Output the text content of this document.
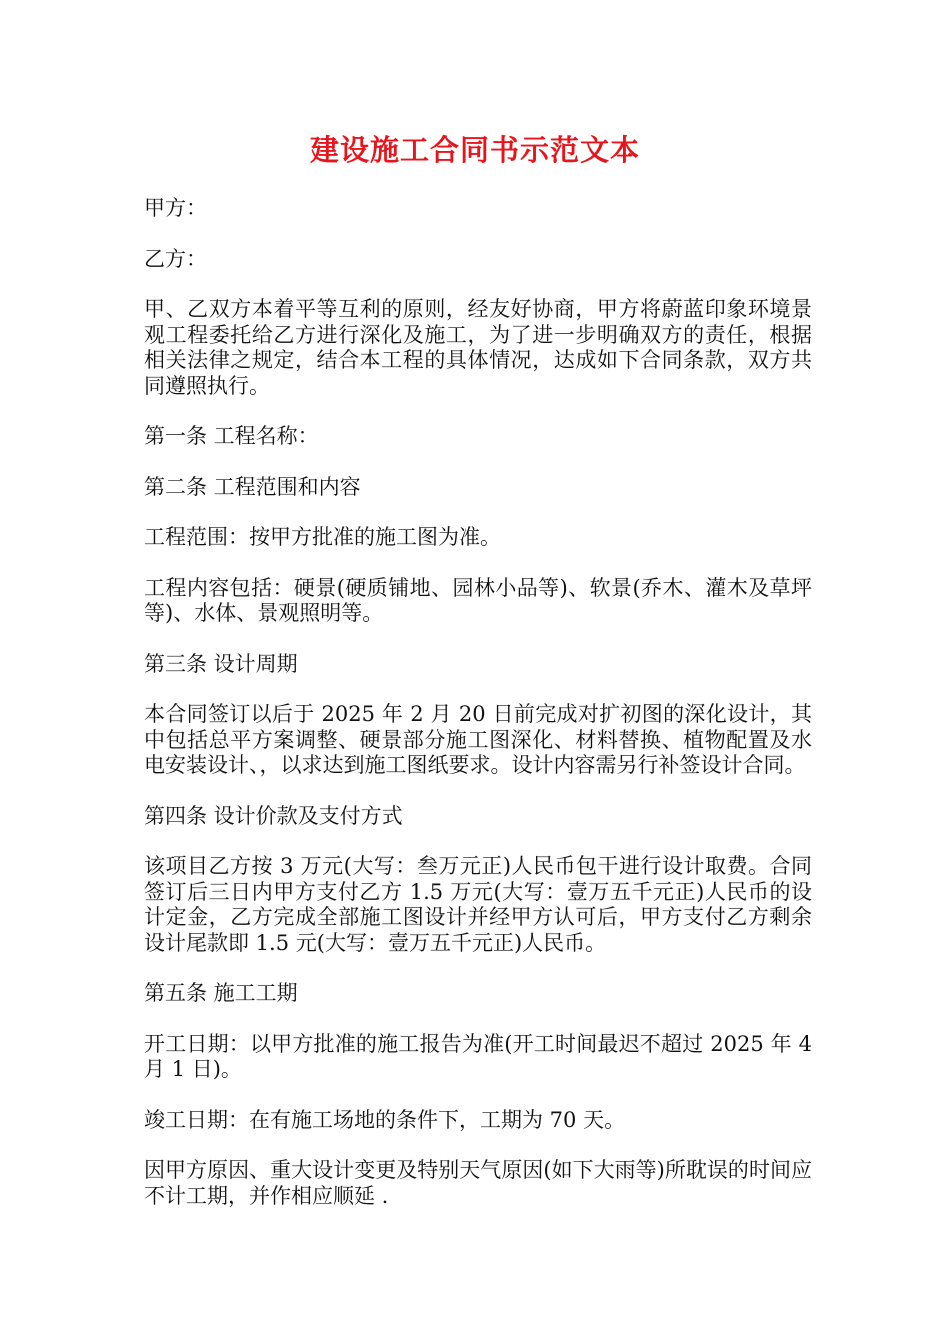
建设施工合同书示范文本

甲方：

乙方：

甲、乙双方本着平等互利的原则，经友好协商，甲方将蔚蓝印象环境景观工程委托给乙方进行深化及施工，为了进一步明确双方的责任，根据相关法律之规定，结合本工程的具体情况，达成如下合同条款，双方共同遵照执行。

第一条 工程名称：

第二条 工程范围和内容

工程范围：按甲方批准的施工图为准。

工程内容包括：硬景(硬质铺地、园林小品等)、软景(乔木、灌木及草坪等)、水体、景观照明等。

第三条 设计周期

本合同签订以后于 2025 年 2 月 20 日前完成对扩初图的深化设计，其中包括总平方案调整、硬景部分施工图深化、材料替换、植物配置及水电安装设计、，以求达到施工图纸要求。设计内容需另行补签设计合同。

第四条 设计价款及支付方式

该项目乙方按 3 万元(大写：叁万元正)人民币包干进行设计取费。合同签订后三日内甲方支付乙方 1.5 万元(大写：壹万五千元正)人民币的设计定金，乙方完成全部施工图设计并经甲方认可后，甲方支付乙方剩余设计尾款即 1.5 元(大写：壹万五千元正)人民币。

第五条 施工工期

开工日期：以甲方批准的施工报告为准(开工时间最迟不超过 2025 年 4 月 1 日)。

竣工日期：在有施工场地的条件下，工期为 70 天。

因甲方原因、重大设计变更及特别天气原因(如下大雨等)所耽误的时间应不计工期，并作相应顺延 .
